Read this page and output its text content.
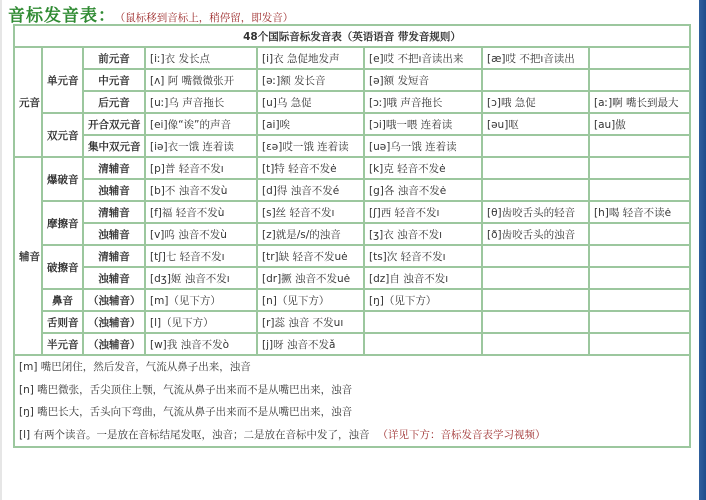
音标发音表： （鼠标移到音标上，稍停留，即发音）
48个国际音标发音表（英语语音 带发音规则）							
元音	单元音	前元音	[iː]衣 发长点	[i]衣 急促地发声	[e]哎 不把ı音读出来	[æ]哎 不把ı音读出	
		中元音	[ʌ] 阿 嘴微微张开	[əː]额 发长音	[ə]额 发短音		
		后元音	[uː]乌 声音拖长	[u]乌 急促	[ɔː]哦 声音拖长	[ɔ]哦 急促	[aː]啊 嘴长到最大
	双元音	开合双元音	[ei]像“诶”的声音	[ai]唉	[ɔi]哦一喂 连着读	[əu]呕	[au]傲
		集中双元音	[iə]衣一饿 连着读	[ɛə]哎一饿 连着读	[uə]乌一饿 连着读		
辅音	爆破音	清辅音	[p]普 轻音不发ı	[t]特 轻音不发ė	[k]克 轻音不发ė		
		浊辅音	[b]不 浊音不发ù	[d]得 浊音不发é	[g]各 浊音不发ė		
	摩擦音	清辅音	[f]福 轻音不发ù	[s]丝 轻音不发ı	[ʃ]西 轻音不发ı	[θ]齿咬舌头的轻音	[h]喝 轻音不读ė
		浊辅音	[v]呜 浊音不发ù	[z]就是/s/的浊音	[ʒ]衣 浊音不发ı	[ð]齿咬舌头的浊音	
	破擦音	清辅音	[tʃ]七 轻音不发ı	[tr]缺 轻音不发uė	[ts]次 轻音不发ı		
		浊辅音	[dʒ]姬 浊音不发ı	[dr]撅 浊音不发uė	[dz]自 浊音不发ı		
	鼻音	（浊辅音）	[m]（见下方）	[n]（见下方）	[ŋ]（见下方）		
	舌则音	（浊辅音）	[l]（见下方）	[r]蕊 浊音 不发uı			
	半元音	（浊辅音）	[w]我 浊音不发ò	[j]呀 浊音不发ǎ			

[m] 嘴巴闭住，然后发音，气流从鼻子出来，浊音
[n] 嘴巴微张，舌尖顶住上颚，气流从鼻子出来而不是从嘴巴出来，浊音
[ŋ] 嘴巴长大，舌头向下弯曲，气流从鼻子出来而不是从嘴巴出来，浊音
[l] 有两个读音。一是放在音标结尾发呕，浊音；二是放在音标中发了，浊音 （详见下方：音标发音表学习视频）							
